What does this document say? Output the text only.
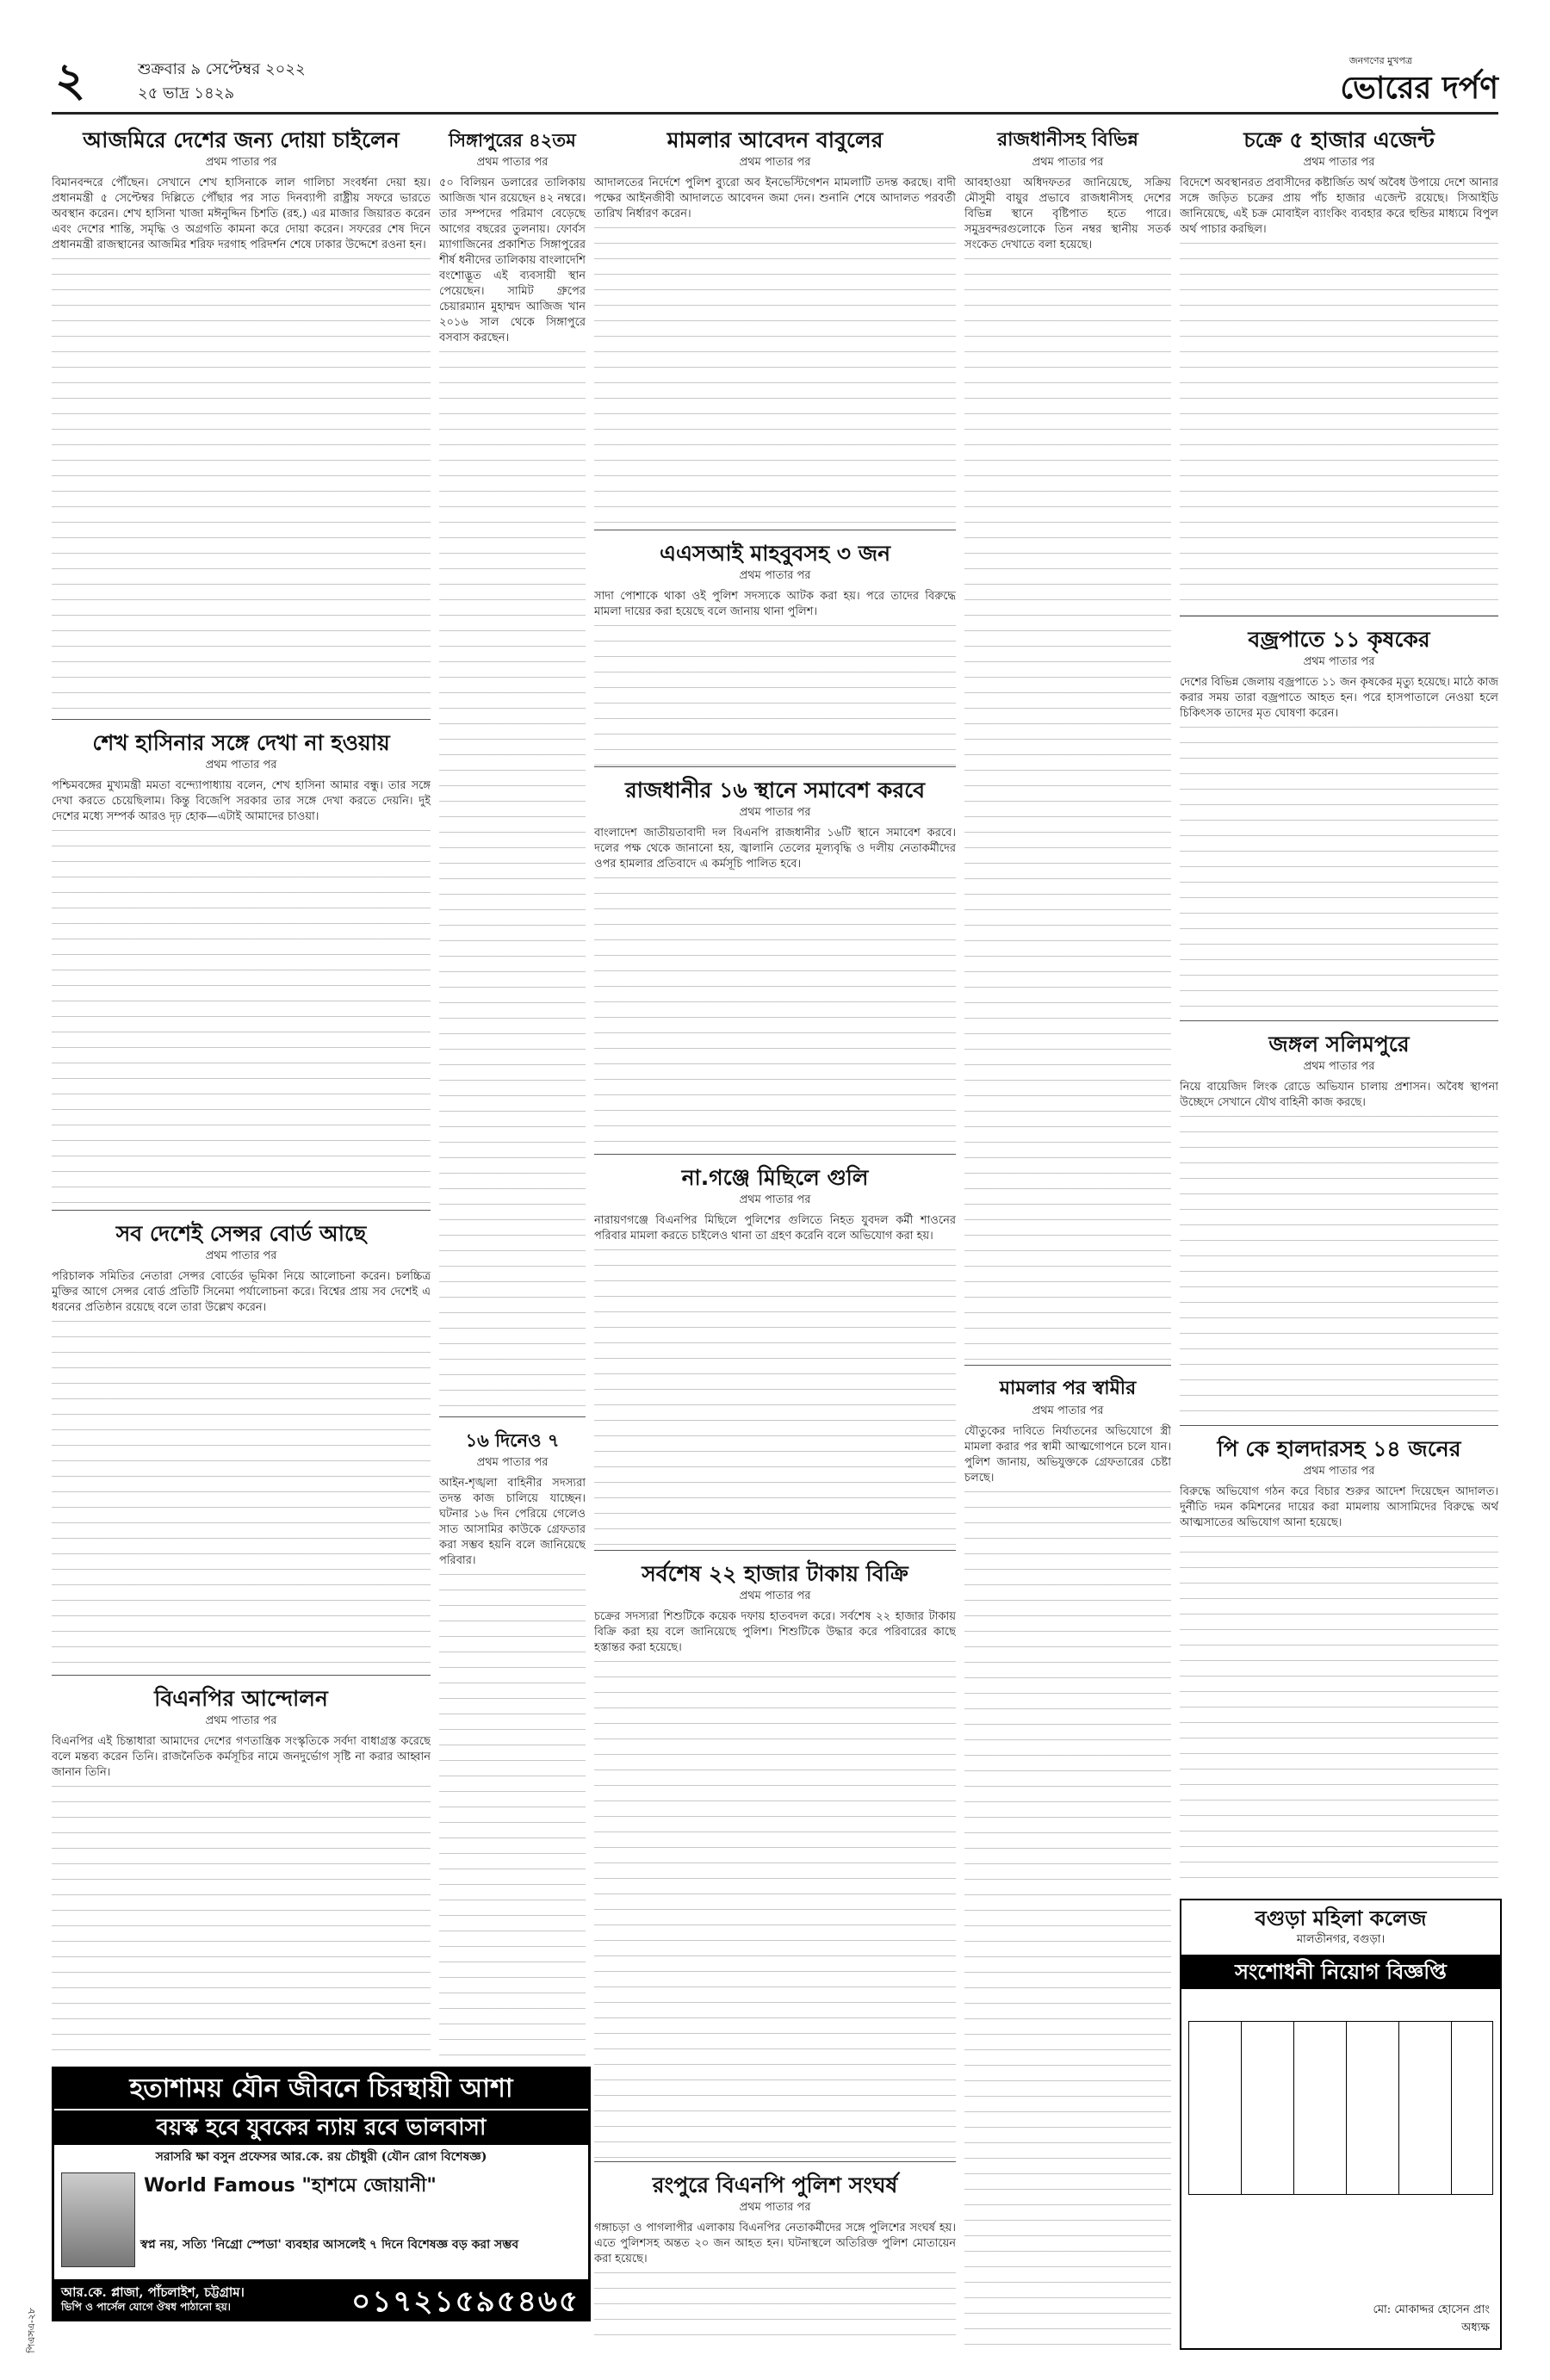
২	শুক্রবার ৯ সেপ্টেম্বর ২০২২
২৫ ভাদ্র ১৪২৯
জনগণের মুখপত্র
ভোরের দর্পণ
আজমিরে দেশের জন্য দোয়া চাইলেন
প্রথম পাতার পর

বিমানবন্দরে পৌঁছেন। সেখানে শেখ হাসিনাকে লাল গালিচা সংবর্ধনা দেয়া হয়। প্রধানমন্ত্রী ৫ সেপ্টেম্বর দিল্লিতে পৌঁছার পর সাত দিনব্যাপী রাষ্ট্রীয় সফরে ভারতে অবস্থান করেন। শেখ হাসিনা খাজা মঈনুদ্দিন চিশতি (রহ.) এর মাজার জিয়ারত করেন এবং দেশের শান্তি, সমৃদ্ধি ও অগ্রগতি কামনা করে দোয়া করেন। সফরের শেষ দিনে প্রধানমন্ত্রী রাজস্থানের আজমির শরিফ দরগাহ পরিদর্শন শেষে ঢাকার উদ্দেশে রওনা হন।

শেখ হাসিনার সঙ্গে দেখা না হওয়ায়
প্রথম পাতার পর

পশ্চিমবঙ্গের মুখ্যমন্ত্রী মমতা বন্দ্যোপাধ্যায় বলেন, শেখ হাসিনা আমার বন্ধু। তার সঙ্গে দেখা করতে চেয়েছিলাম। কিন্তু বিজেপি সরকার তার সঙ্গে দেখা করতে দেয়নি। দুই দেশের মধ্যে সম্পর্ক আরও দৃঢ় হোক—এটাই আমাদের চাওয়া।

সব দেশেই সেন্সর বোর্ড আছে
প্রথম পাতার পর

পরিচালক সমিতির নেতারা সেন্সর বোর্ডের ভূমিকা নিয়ে আলোচনা করেন। চলচ্চিত্র মুক্তির আগে সেন্সর বোর্ড প্রতিটি সিনেমা পর্যালোচনা করে। বিশ্বের প্রায় সব দেশেই এ ধরনের প্রতিষ্ঠান রয়েছে বলে তারা উল্লেখ করেন।

বিএনপির আন্দোলন
প্রথম পাতার পর

বিএনপির এই চিন্তাধারা আমাদের দেশের গণতান্ত্রিক সংস্কৃতিকে সর্বদা বাধাগ্রস্ত করেছে বলে মন্তব্য করেন তিনি। রাজনৈতিক কর্মসূচির নামে জনদুর্ভোগ সৃষ্টি না করার আহ্বান জানান তিনি।

সিঙ্গাপুরের ৪২তম
প্রথম পাতার পর

৫০ বিলিয়ন ডলারের তালিকায় আজিজ খান রয়েছেন ৪২ নম্বরে। তার সম্পদের পরিমাণ বেড়েছে আগের বছরের তুলনায়। ফোর্বস ম্যাগাজিনের প্রকাশিত সিঙ্গাপুরের শীর্ষ ধনীদের তালিকায় বাংলাদেশি বংশোদ্ভূত এই ব্যবসায়ী স্থান পেয়েছেন। সামিট গ্রুপের চেয়ারম্যান মুহাম্মদ আজিজ খান ২০১৬ সাল থেকে সিঙ্গাপুরে বসবাস করছেন।

১৬ দিনেও ৭
প্রথম পাতার পর

আইন-শৃঙ্খলা বাহিনীর সদস্যরা তদন্ত কাজ চালিয়ে যাচ্ছেন। ঘটনার ১৬ দিন পেরিয়ে গেলেও সাত আসামির কাউকে গ্রেফতার করা সম্ভব হয়নি বলে জানিয়েছে পরিবার।

মামলার আবেদন বাবুলের
প্রথম পাতার পর

আদালতের নির্দেশে পুলিশ ব্যুরো অব ইনভেস্টিগেশন মামলাটি তদন্ত করছে। বাদী পক্ষের আইনজীবী আদালতে আবেদন জমা দেন। শুনানি শেষে আদালত পরবর্তী তারিখ নির্ধারণ করেন।

এএসআই মাহবুবসহ ৩ জন
প্রথম পাতার পর

সাদা পোশাকে থাকা ওই পুলিশ সদস্যকে আটক করা হয়। পরে তাদের বিরুদ্ধে মামলা দায়ের করা হয়েছে বলে জানায় থানা পুলিশ।

রাজধানীর ১৬ স্থানে সমাবেশ করবে
প্রথম পাতার পর

বাংলাদেশ জাতীয়তাবাদী দল বিএনপি রাজধানীর ১৬টি স্থানে সমাবেশ করবে। দলের পক্ষ থেকে জানানো হয়, জ্বালানি তেলের মূল্যবৃদ্ধি ও দলীয় নেতাকর্মীদের ওপর হামলার প্রতিবাদে এ কর্মসূচি পালিত হবে।

না.গঞ্জে মিছিলে গুলি
প্রথম পাতার পর

নারায়ণগঞ্জে বিএনপির মিছিলে পুলিশের গুলিতে নিহত যুবদল কর্মী শাওনের পরিবার মামলা করতে চাইলেও থানা তা গ্রহণ করেনি বলে অভিযোগ করা হয়।

সর্বশেষ ২২ হাজার টাকায় বিক্রি
প্রথম পাতার পর

চক্রের সদস্যরা শিশুটিকে কয়েক দফায় হাতবদল করে। সর্বশেষ ২২ হাজার টাকায় বিক্রি করা হয় বলে জানিয়েছে পুলিশ। শিশুটিকে উদ্ধার করে পরিবারের কাছে হস্তান্তর করা হয়েছে।

রংপুরে বিএনপি পুলিশ সংঘর্ষ
প্রথম পাতার পর

গঙ্গাচড়া ও পাগলাপীর এলাকায় বিএনপির নেতাকর্মীদের সঙ্গে পুলিশের সংঘর্ষ হয়। এতে পুলিশসহ অন্তত ২০ জন আহত হন। ঘটনাস্থলে অতিরিক্ত পুলিশ মোতায়েন করা হয়েছে।

রাজধানীসহ বিভিন্ন
প্রথম পাতার পর

আবহাওয়া অধিদফতর জানিয়েছে, সক্রিয় মৌসুমী বায়ুর প্রভাবে রাজধানীসহ দেশের বিভিন্ন স্থানে বৃষ্টিপাত হতে পারে। সমুদ্রবন্দরগুলোকে তিন নম্বর স্থানীয় সতর্ক সংকেত দেখাতে বলা হয়েছে।

মামলার পর স্বামীর
প্রথম পাতার পর

যৌতুকের দাবিতে নির্যাতনের অভিযোগে স্ত্রী মামলা করার পর স্বামী আত্মগোপনে চলে যান। পুলিশ জানায়, অভিযুক্তকে গ্রেফতারের চেষ্টা চলছে।

চক্রে ৫ হাজার এজেন্ট
প্রথম পাতার পর

বিদেশে অবস্থানরত প্রবাসীদের কষ্টার্জিত অর্থ অবৈধ উপায়ে দেশে আনার সঙ্গে জড়িত চক্রের প্রায় পাঁচ হাজার এজেন্ট রয়েছে। সিআইডি জানিয়েছে, এই চক্র মোবাইল ব্যাংকিং ব্যবহার করে হুন্ডির মাধ্যমে বিপুল অর্থ পাচার করছিল।

বজ্রপাতে ১১ কৃষকের
প্রথম পাতার পর

দেশের বিভিন্ন জেলায় বজ্রপাতে ১১ জন কৃষকের মৃত্যু হয়েছে। মাঠে কাজ করার সময় তারা বজ্রপাতে আহত হন। পরে হাসপাতালে নেওয়া হলে চিকিৎসক তাদের মৃত ঘোষণা করেন।

জঙ্গল সলিমপুরে
প্রথম পাতার পর

নিয়ে বায়েজিদ লিংক রোডে অভিযান চালায় প্রশাসন। অবৈধ স্থাপনা উচ্ছেদে সেখানে যৌথ বাহিনী কাজ করছে।

পি কে হালদারসহ ১৪ জনের
প্রথম পাতার পর

বিরুদ্ধে অভিযোগ গঠন করে বিচার শুরুর আদেশ দিয়েছেন আদালত। দুর্নীতি দমন কমিশনের দায়ের করা মামলায় আসামিদের বিরুদ্ধে অর্থ আত্মসাতের অভিযোগ আনা হয়েছে।

হতাশাময় যৌন জীবনে চিরস্থায়ী আশা
বয়স্ক হবে যুবকের ন্যায় রবে ভালবাসা
সরাসরি ক্ষা বসুন প্রফেসর আর.কে. রয় চৌধুরী (যৌন রোগ বিশেষজ্ঞ)
World Famous "হাশমে জোয়ানী"
স্বপ্ন নয়, সত্যি 'নিগ্রো স্পেডা' ব্যবহার আসলেই ৭ দিনে বিশেষজ্ঞ বড় করা সম্ভব
আর.কে. প্লাজা, পাঁচলাইশ, চট্টগ্রাম।
ভিপি ও পার্সেল যোগে ঔষধ পাঠানো হয়।	০১৭২১৫৯৫৪৬৫
বগুড়া মহিলা কলেজ
মালতীনগর, বগুড়া।
সংশোধনী নিয়োগ বিজ্ঞপ্তি
মো: মোকাদ্দর হোসেন প্রাং
অধ্যক্ষ
পিএসএ-২৮
